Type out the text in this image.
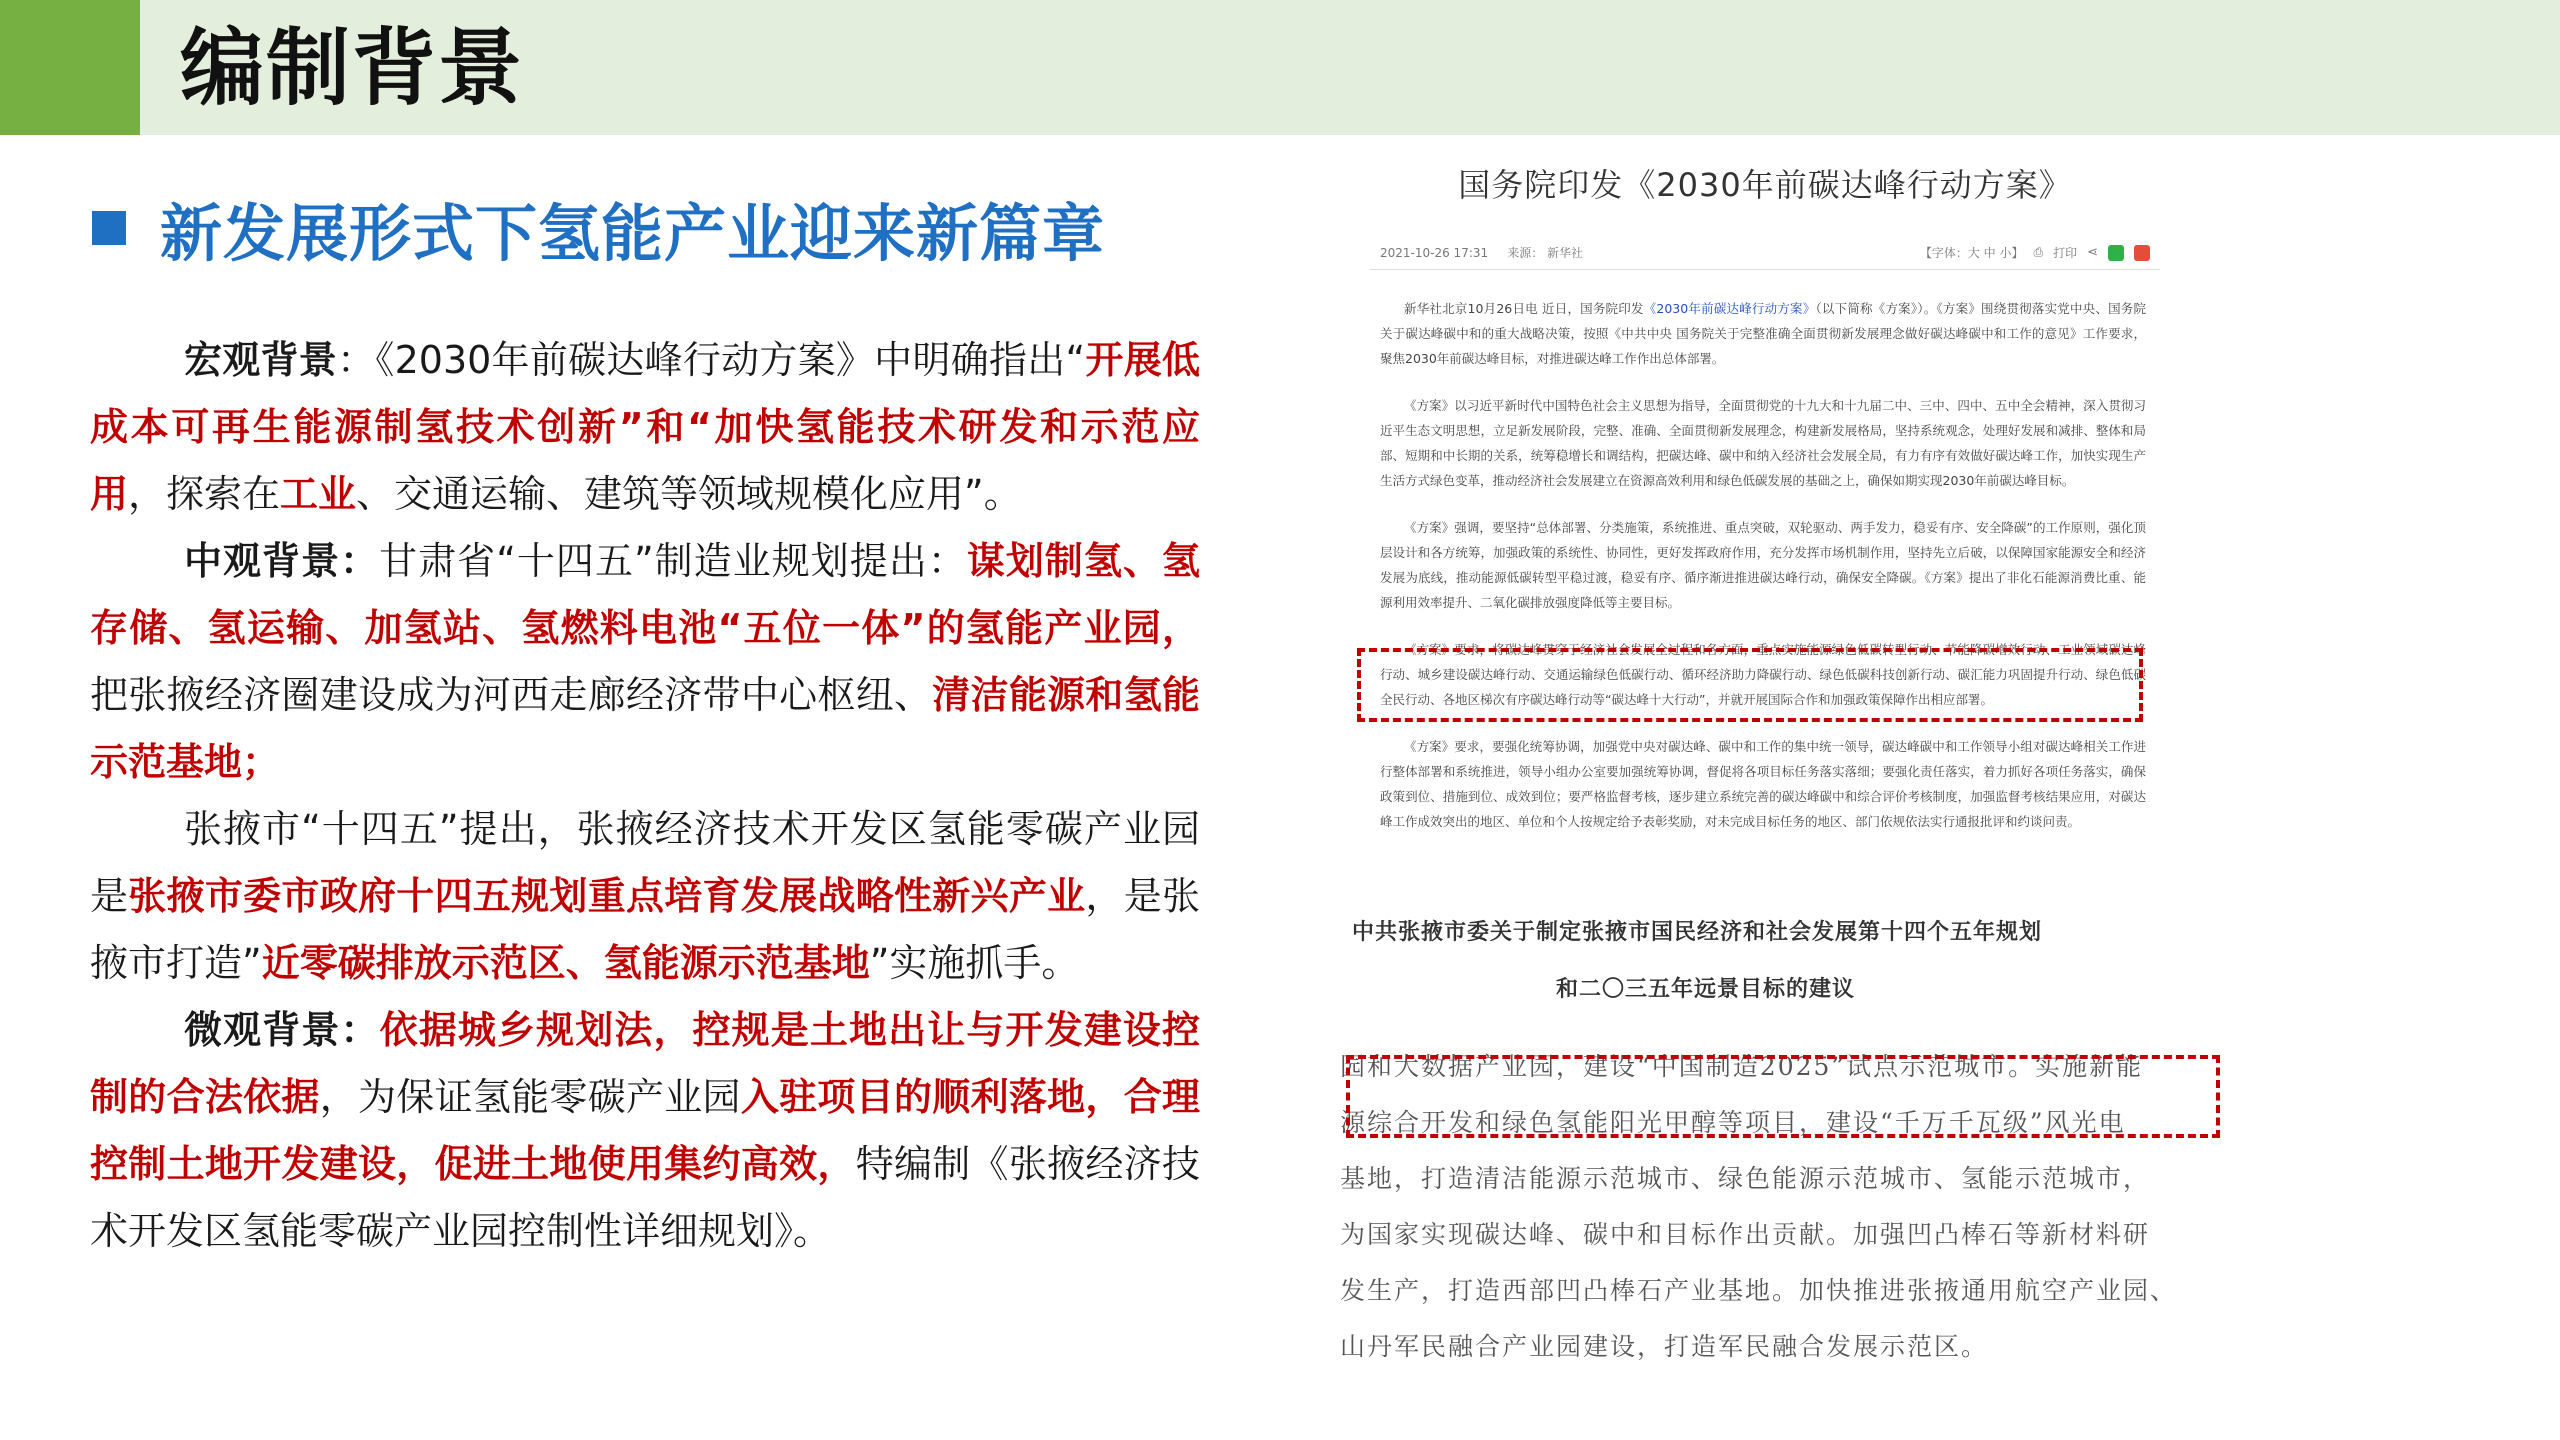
编制背景
新发展形式下氢能产业迎来新篇章

宏观背景：《2030年前碳达峰行动方案》中明确指出“开展低成本可再生能源制氢技术创新”和“加快氢能技术研发和示范应用，探索在工业、交通运输、建筑等领域规模化应用”。

中观背景：甘肃省“十四五”制造业规划提出：谋划制氢、氢存储、氢运输、加氢站、氢燃料电池“五位一体”的氢能产业园，把张掖经济圈建设成为河西走廊经济带中心枢纽、清洁能源和氢能示范基地；

张掖市“十四五”提出，张掖经济技术开发区氢能零碳产业园是张掖市委市政府十四五规划重点培育发展战略性新兴产业，是张掖市打造”近零碳排放示范区、氢能源示范基地”实施抓手。

微观背景：依据城乡规划法，控规是土地出让与开发建设控制的合法依据，为保证氢能零碳产业园入驻项目的顺利落地，合理控制土地开发建设，促进土地使用集约高效，特编制《张掖经济技术开发区氢能零碳产业园控制性详细规划》。

国务院印发《2030年前碳达峰行动方案》
2021-10-26 17:31 来源： 新华社	【字体：大 中 小】 ⎙ 打印 ⋖

新华社北京10月26日电 近日，国务院印发《2030年前碳达峰行动方案》（以下简称《方案》）。《方案》围绕贯彻落实党中央、国务院关于碳达峰碳中和的重大战略决策，按照《中共中央 国务院关于完整准确全面贯彻新发展理念做好碳达峰碳中和工作的意见》工作要求，聚焦2030年前碳达峰目标，对推进碳达峰工作作出总体部署。

《方案》以习近平新时代中国特色社会主义思想为指导，全面贯彻党的十九大和十九届二中、三中、四中、五中全会精神，深入贯彻习近平生态文明思想，立足新发展阶段，完整、准确、全面贯彻新发展理念，构建新发展格局，坚持系统观念，处理好发展和减排、整体和局部、短期和中长期的关系，统筹稳增长和调结构，把碳达峰、碳中和纳入经济社会发展全局，有力有序有效做好碳达峰工作，加快实现生产生活方式绿色变革，推动经济社会发展建立在资源高效利用和绿色低碳发展的基础之上，确保如期实现2030年前碳达峰目标。

《方案》强调，要坚持“总体部署、分类施策，系统推进、重点突破，双轮驱动、两手发力，稳妥有序、安全降碳”的工作原则，强化顶层设计和各方统筹，加强政策的系统性、协同性，更好发挥政府作用，充分发挥市场机制作用，坚持先立后破，以保障国家能源安全和经济发展为底线，推动能源低碳转型平稳过渡，稳妥有序、循序渐进推进碳达峰行动，确保安全降碳。《方案》提出了非化石能源消费比重、能源利用效率提升、二氧化碳排放强度降低等主要目标。

《方案》要求，将碳达峰贯穿于经济社会发展全过程和各方面，重点实施能源绿色低碳转型行动、节能降碳增效行动、工业领域碳达峰行动、城乡建设碳达峰行动、交通运输绿色低碳行动、循环经济助力降碳行动、绿色低碳科技创新行动、碳汇能力巩固提升行动、绿色低碳全民行动、各地区梯次有序碳达峰行动等“碳达峰十大行动”，并就开展国际合作和加强政策保障作出相应部署。

《方案》要求，要强化统筹协调，加强党中央对碳达峰、碳中和工作的集中统一领导，碳达峰碳中和工作领导小组对碳达峰相关工作进行整体部署和系统推进，领导小组办公室要加强统筹协调，督促将各项目标任务落实落细；要强化责任落实，着力抓好各项任务落实，确保政策到位、措施到位、成效到位；要严格监督考核，逐步建立系统完善的碳达峰碳中和综合评价考核制度，加强监督考核结果应用，对碳达峰工作成效突出的地区、单位和个人按规定给予表彰奖励，对未完成目标任务的地区、部门依规依法实行通报批评和约谈问责。

中共张掖市委关于制定张掖市国民经济和社会发展第十四个五年规划
和二〇三五年远景目标的建议
园和大数据产业园，建设“中国制造2025”试点示范城市。实施新能
源综合开发和绿色氢能阳光甲醇等项目，建设“千万千瓦级”风光电
基地，打造清洁能源示范城市、绿色能源示范城市、氢能示范城市，
为国家实现碳达峰、碳中和目标作出贡献。加强凹凸棒石等新材料研
发生产，打造西部凹凸棒石产业基地。加快推进张掖通用航空产业园、
山丹军民融合产业园建设，打造军民融合发展示范区。
